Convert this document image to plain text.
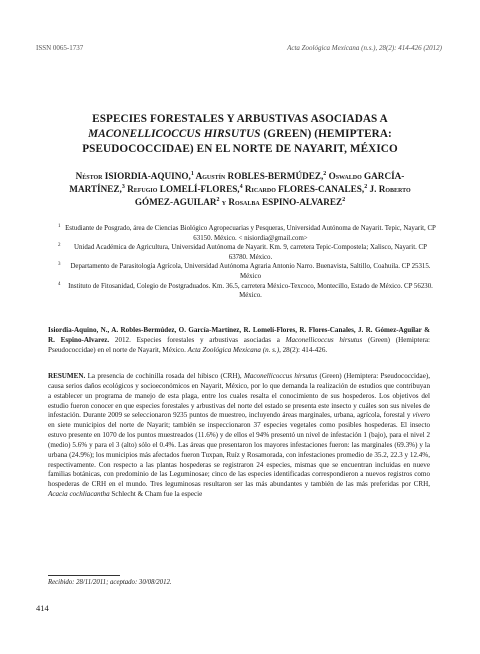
ISSN 0065-1737	Acta Zoológica Mexicana (n.s.), 28(2): 414-426 (2012)
ESPECIES FORESTALES Y ARBUSTIVAS ASOCIADAS A
MACONELLICOCCUS HIRSUTUS (GREEN) (HEMIPTERA:
PSEUDOCOCCIDAE) EN EL NORTE DE NAYARIT, MÉXICO
Néstor ISIORDIA-AQUINO,$^1$ Agustín ROBLES-BERMÚDEZ,$^2$ Oswaldo GARCÍA-MARTÍNEZ,$^3$ Refugio LOMELÍ-FLORES,$^4$ Ricardo FLORES-CANALES,$^2$ J. Roberto GÓMEZ-AGUILAR$^2$ y Rosalba ESPINO-ALVAREZ$^2$
1 Estudiante de Posgrado, área de Ciencias Biológico Agropecuarias y Pesqueras, Universidad Autónoma de Nayarit. Tepic, Nayarit, CP 63150. México. < nisiordia@gmail.com>
2 Unidad Académica de Agricultura, Universidad Autónoma de Nayarit. Km. 9, carretera Tepic-Compostela; Xalisco, Nayarit. CP 63780. México.
3 Departamento de Parasitología Agrícola, Universidad Autónoma Agraria Antonio Narro. Buenavista, Saltillo, Coahuila. CP 25315. México
4 Instituto de Fitosanidad, Colegio de Postgraduados. Km. 36.5, carretera México-Texcoco, Montecillo, Estado de México. CP 56230. México.
Isiordia-Aquino, N., A. Robles-Bermúdez, O. García-Martínez, R. Lomelí-Flores, R. Flores-Canales, J. R. Gómez-Aguilar & R. Espino-Alvarez. 2012. Especies forestales y arbustivas asociadas a Maconellicoccus hirsutus (Green) (Hemiptera: Pseudococcidae) en el norte de Nayarit, México. Acta Zoológica Mexicana (n. s.), 28(2): 414-426.
RESUMEN. La presencia de cochinilla rosada del hibisco (CRH), Maconellicoccus hirsutus (Green) (Hemiptera: Pseudococcidae), causa serios daños ecológicos y socioeconómicos en Nayarit, México, por lo que demanda la realización de estudios que contribuyan a establecer un programa de manejo de esta plaga, entre los cuales resalta el conocimiento de sus hospederos. Los objetivos del estudio fueron conocer en que especies forestales y arbustivas del norte del estado se presenta este insecto y cuáles son sus niveles de infestación. Durante 2009 se seleccionaron 9235 puntos de muestreo, incluyendo áreas marginales, urbana, agrícola, forestal y vivero en siete municipios del norte de Nayarit; también se inspeccionaron 37 especies vegetales como posibles hospederas. El insecto estuvo presente en 1070 de los puntos muestreados (11.6%) y de ellos el 94% presentó un nivel de infestación 1 (bajo), para el nivel 2 (medio) 5.6% y para el 3 (alto) sólo el 0.4%. Las áreas que presentaron los mayores infestaciones fueron: las marginales (69.3%) y la urbana (24.9%); los municipios más afectados fueron Tuxpan, Ruíz y Rosamorada, con infestaciones promedio de 35.2, 22.3 y 12.4%, respectivamente. Con respecto a las plantas hospederas se registraron 24 especies, mismas que se encuentran incluidas en nueve familias botánicas, con predominio de las Leguminosae; cinco de las especies identificadas correspondieron a nuevos registros como hospederas de CRH en el mundo. Tres leguminosas resultaron ser las más abundantes y también de las más preferidas por CRH, Acacia cochliacantha Schlecht & Cham fue la especie
Recibido: 28/11/2011; aceptado: 30/08/2012.
414
